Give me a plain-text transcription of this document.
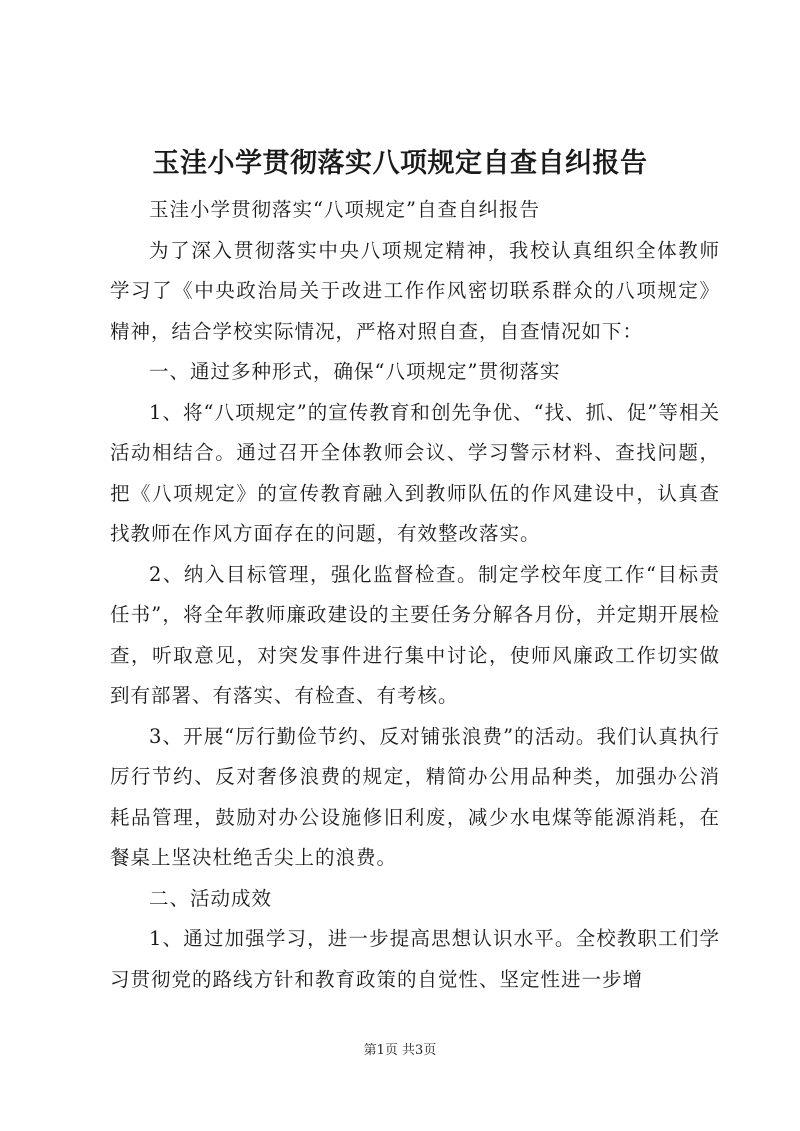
玉洼小学贯彻落实八项规定自查自纠报告

玉洼小学贯彻落实“八项规定”自查自纠报告

为了深入贯彻落实中央八项规定精神，我校认真组织全体教师学习了《中央政治局关于改进工作作风密切联系群众的八项规定》精神，结合学校实际情况，严格对照自查，自查情况如下：

一、通过多种形式，确保“八项规定”贯彻落实

1、将“八项规定”的宣传教育和创先争优、“找、抓、促”等相关活动相结合。通过召开全体教师会议、学习警示材料、查找问题，把《八项规定》的宣传教育融入到教师队伍的作风建设中，认真查找教师在作风方面存在的问题，有效整改落实。

2、纳入目标管理，强化监督检查。制定学校年度工作“目标责任书”，将全年教师廉政建设的主要任务分解各月份，并定期开展检查，听取意见，对突发事件进行集中讨论，使师风廉政工作切实做到有部署、有落实、有检查、有考核。

3、开展“厉行勤俭节约、反对铺张浪费”的活动。我们认真执行厉行节约、反对奢侈浪费的规定，精简办公用品种类，加强办公消耗品管理，鼓励对办公设施修旧利废，减少水电煤等能源消耗，在餐桌上坚决杜绝舌尖上的浪费。

二、活动成效

1、通过加强学习，进一步提高思想认识水平。全校教职工们学习贯彻党的路线方针和教育政策的自觉性、坚定性进一步增

第1页 共3页
